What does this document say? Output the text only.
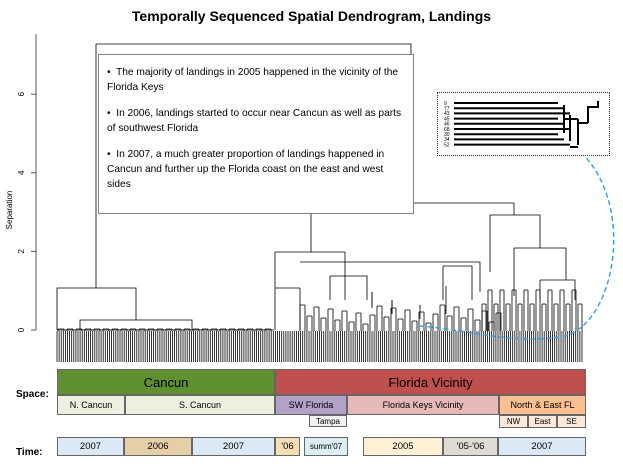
Temporally Sequenced Spatial Dendrogram, Landings
0
2
4
6
Separation

•  The majority of landings in 2005 happened in the vicinity of the Florida Keys

•  In 2006, landings started to occur near Cancun as well as parts of southwest Florida

•  In 2007, a much greater proportion of landings happened in Cancun and further up the Florida coast on the east and west sides

9
77
43
45
46
68
30
34
52
Space:
Cancun	Florida Vicinity
N. Cancun	S. Cancun	SW Florida	Florida Keys Vicinity	North & East FL
Tampa	NW East SE
Time:
2007	2006	2007	'06	summ'07	2005	'05-'06	2007
